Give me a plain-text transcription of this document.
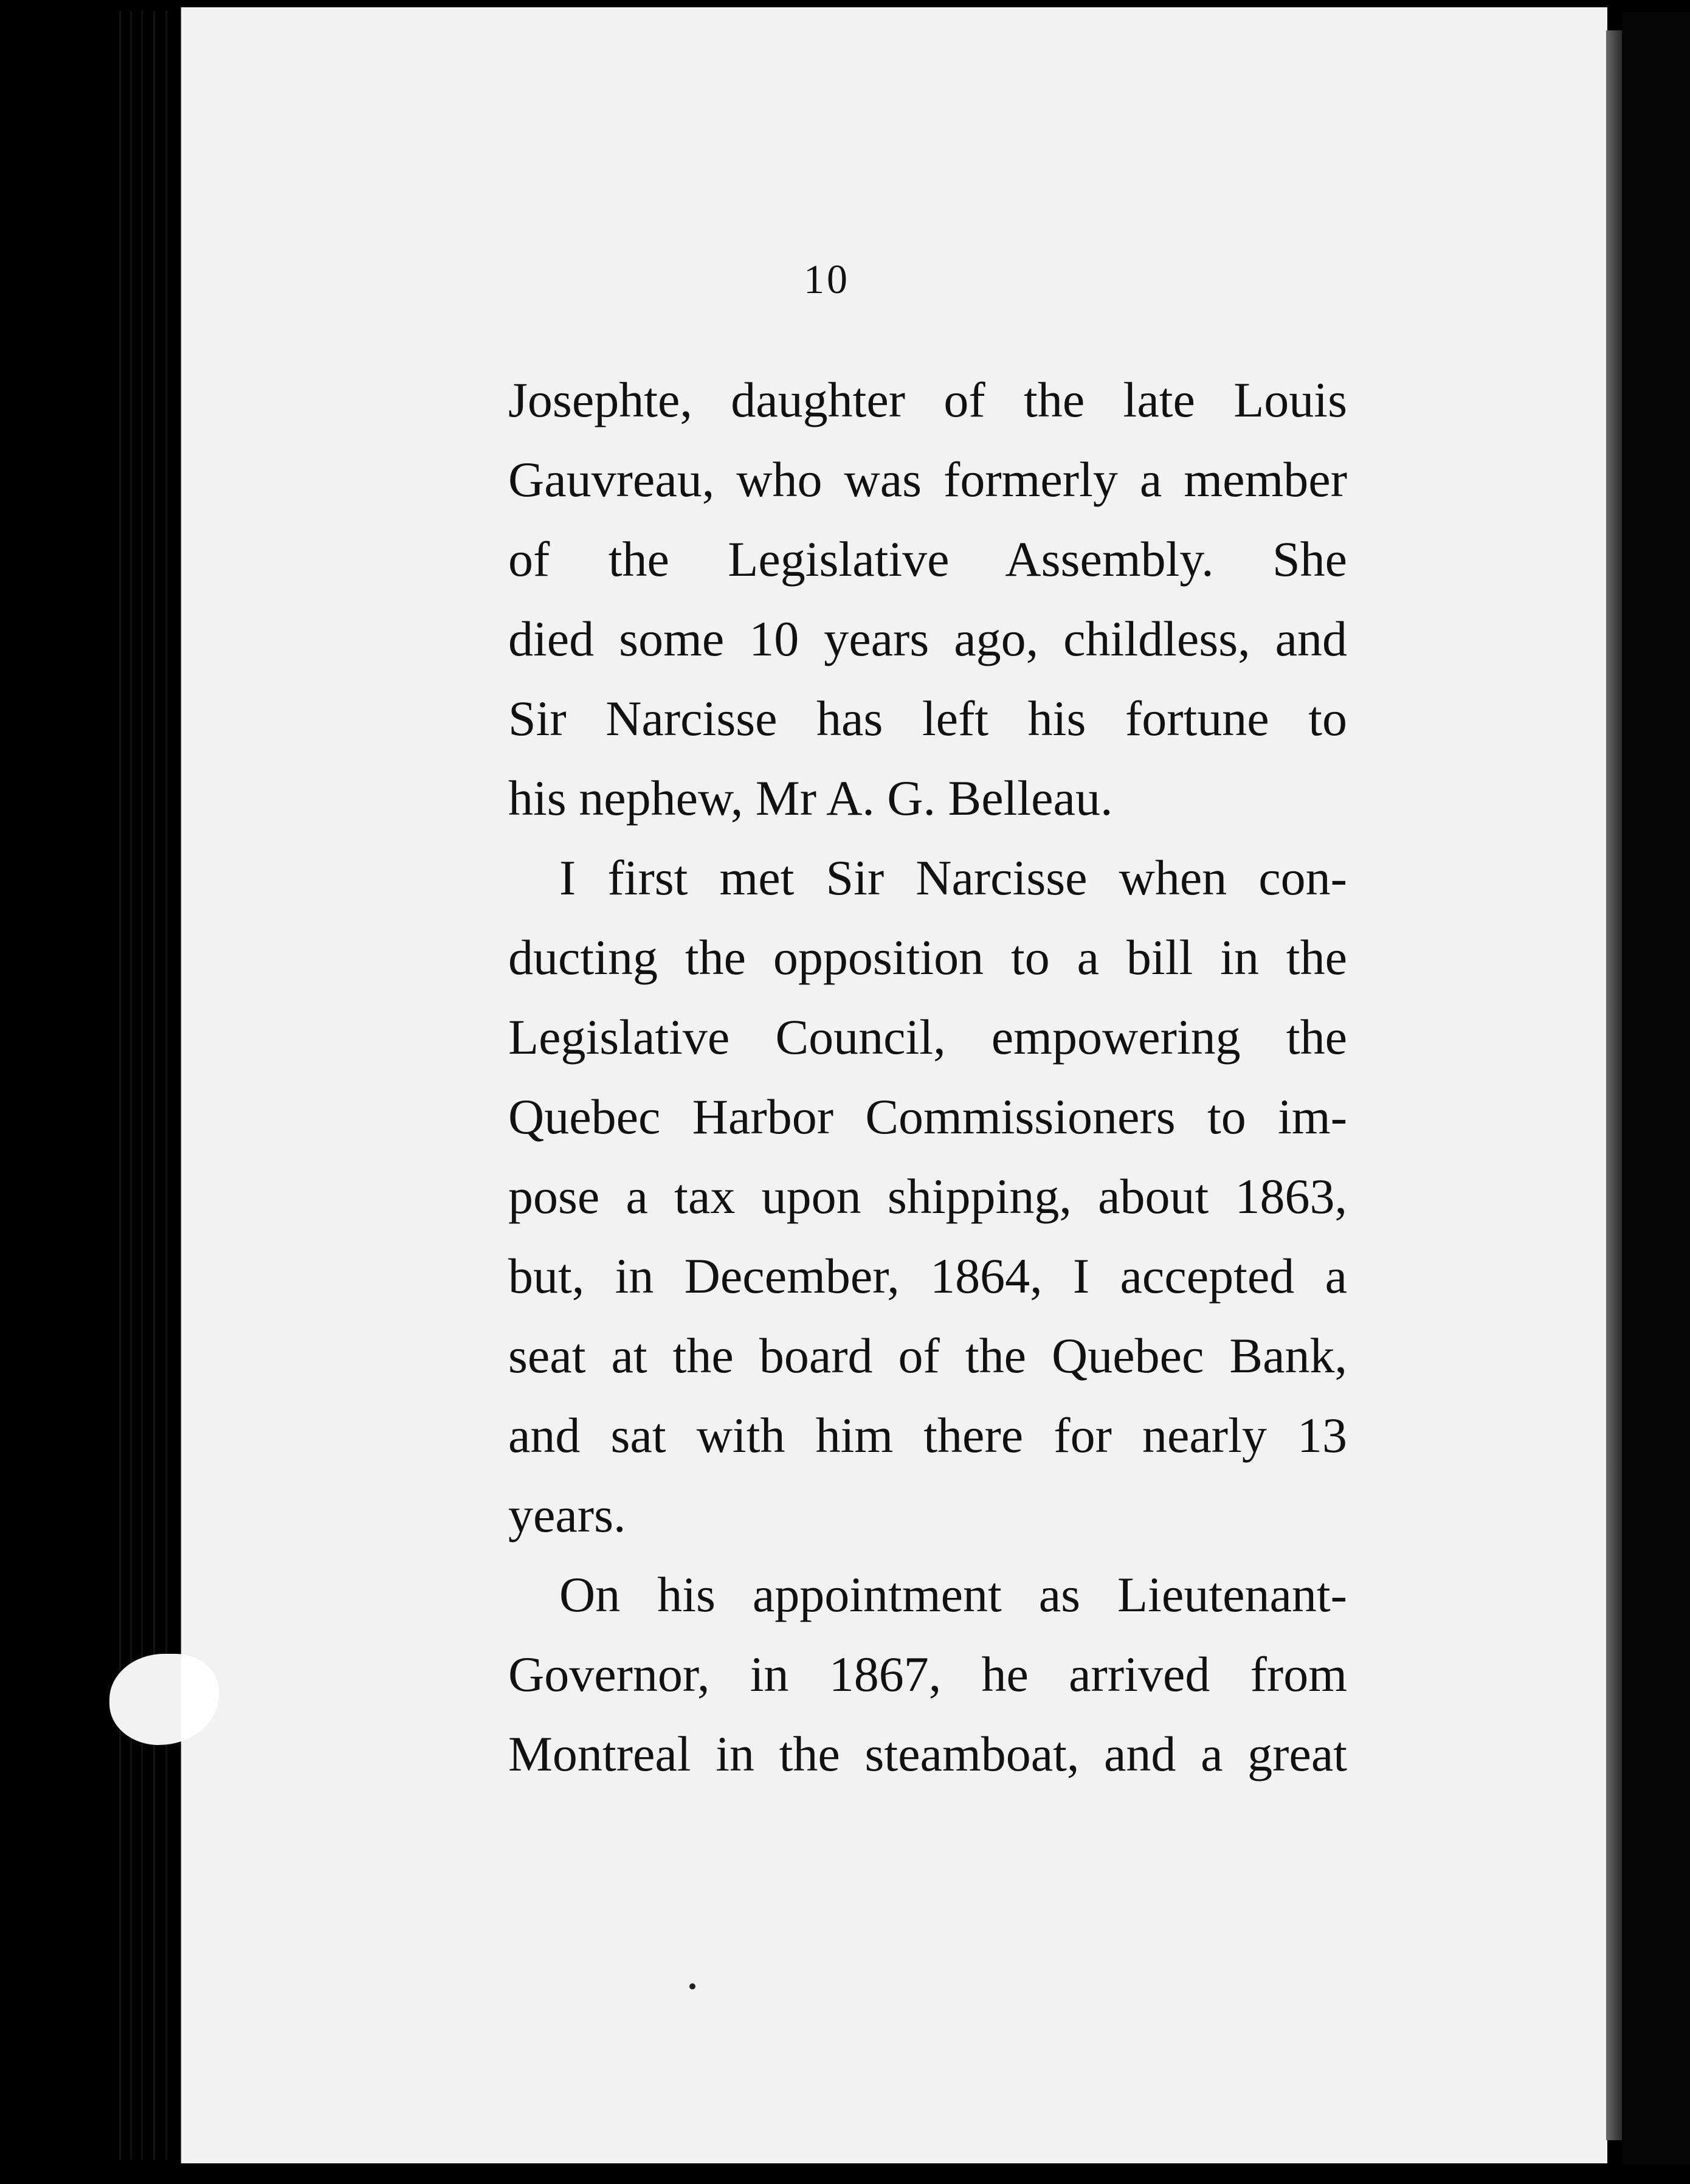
10
Josephte, daughter of the late Louis
Gauvreau, who was formerly a member
of the Legislative Assembly. She
died some 10 years ago, childless, and
Sir Narcisse has left his fortune to
his nephew, Mr A. G. Belleau.
I first met Sir Narcisse when con-
ducting the opposition to a bill in the
Legislative Council, empowering the
Quebec Harbor Commissioners to im-
pose a tax upon shipping, about 1863,
but, in December, 1864, I accepted a
seat at the board of the Quebec Bank,
and sat with him there for nearly 13
years.
On his appointment as Lieutenant-
Governor, in 1867, he arrived from
Montreal in the steamboat, and a great
